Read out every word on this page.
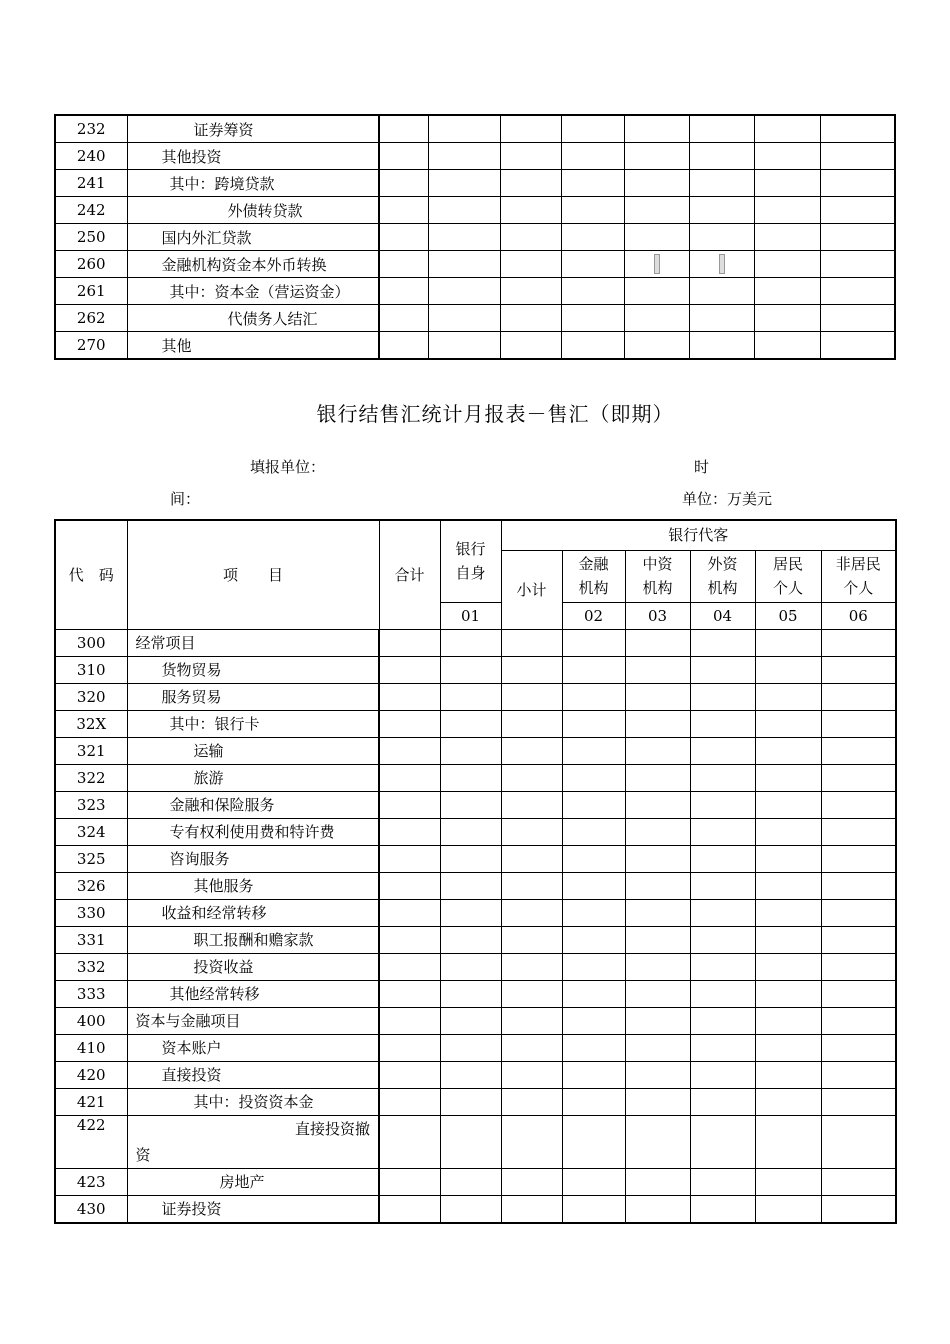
232	证券筹资								
240	其他投资								
241	其中：跨境贷款								
242	外债转贷款								
250	国内外汇贷款								
260	金融机构资金本外币转换								
261	其中：资本金（营运资金）								
262	代债务人结汇								
270	其他								
银行结售汇统计月报表－售汇（即期）
填报单位：	时
间：	单位：万美元
代　码	项　　目	合计	银行自身	银行代客					
				小计	金融机构	中资机构	外资机构	居民个人	非居民个人
			01		02	03	04	05	06
300	经常项目								
310	货物贸易								
320	服务贸易								
32X	其中：银行卡								
321	运输								
322	旅游								
323	金融和保险服务								
324	专有权利使用费和特许费								
325	咨询服务								
326	其他服务								
330	收益和经常转移								
331	职工报酬和赡家款								
332	投资收益								
333	其他经常转移								
400	资本与金融项目								
410	资本账户								
420	直接投资								
421	其中：投资资本金								
422	直接投资撤
资								

423	房地产								
430	证券投资								
